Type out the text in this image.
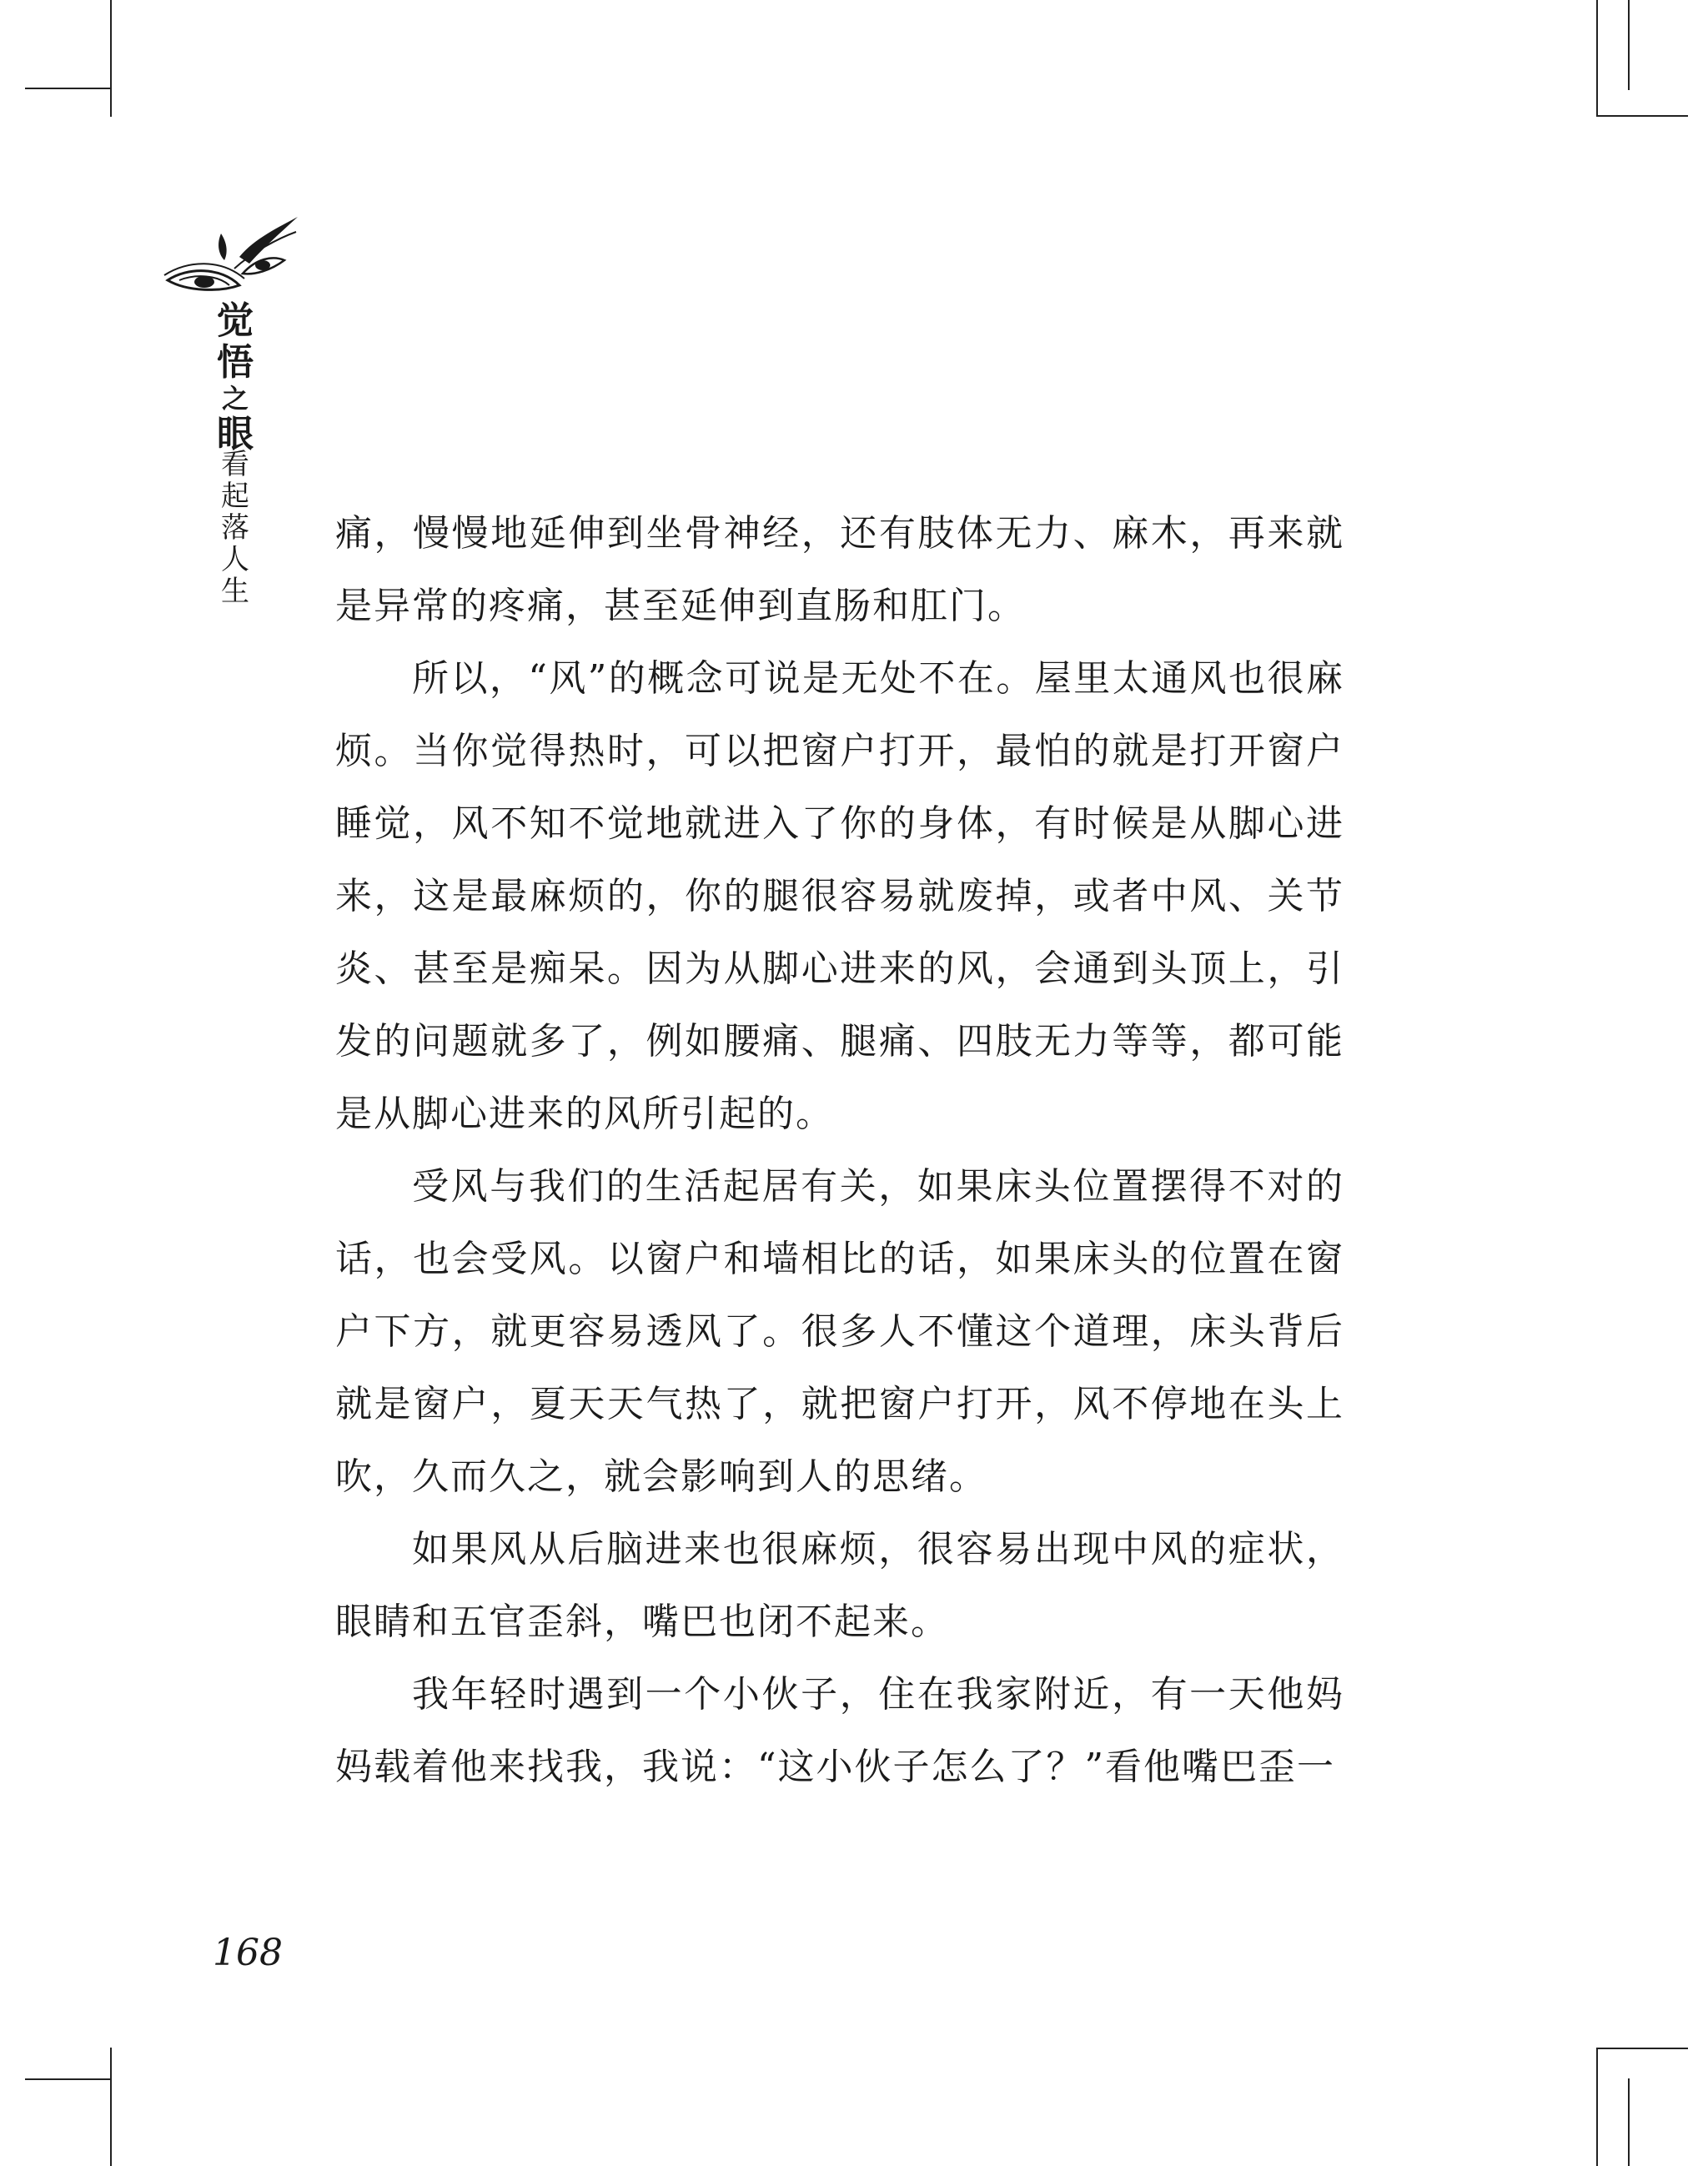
觉
悟
之
眼
看
起
落
人
生

痛，慢慢地延伸到坐骨神经，还有肢体无力、麻木，再来就是异常的疼痛，甚至延伸到直肠和肛门。

所以，“风”的概念可说是无处不在。屋里太通风也很麻烦。当你觉得热时，可以把窗户打开，最怕的就是打开窗户睡觉，风不知不觉地就进入了你的身体，有时候是从脚心进来，这是最麻烦的，你的腿很容易就废掉，或者中风、关节炎、甚至是痴呆。因为从脚心进来的风，会通到头顶上，引发的问题就多了，例如腰痛、腿痛、四肢无力等等，都可能是从脚心进来的风所引起的。

受风与我们的生活起居有关，如果床头位置摆得不对的话，也会受风。以窗户和墙相比的话，如果床头的位置在窗户下方，就更容易透风了。很多人不懂这个道理，床头背后就是窗户，夏天天气热了，就把窗户打开，风不停地在头上吹，久而久之，就会影响到人的思绪。

如果风从后脑进来也很麻烦，很容易出现中风的症状，眼睛和五官歪斜，嘴巴也闭不起来。

我年轻时遇到一个小伙子，住在我家附近，有一天他妈妈载着他来找我，我说：“这小伙子怎么了？”看他嘴巴歪一

168
